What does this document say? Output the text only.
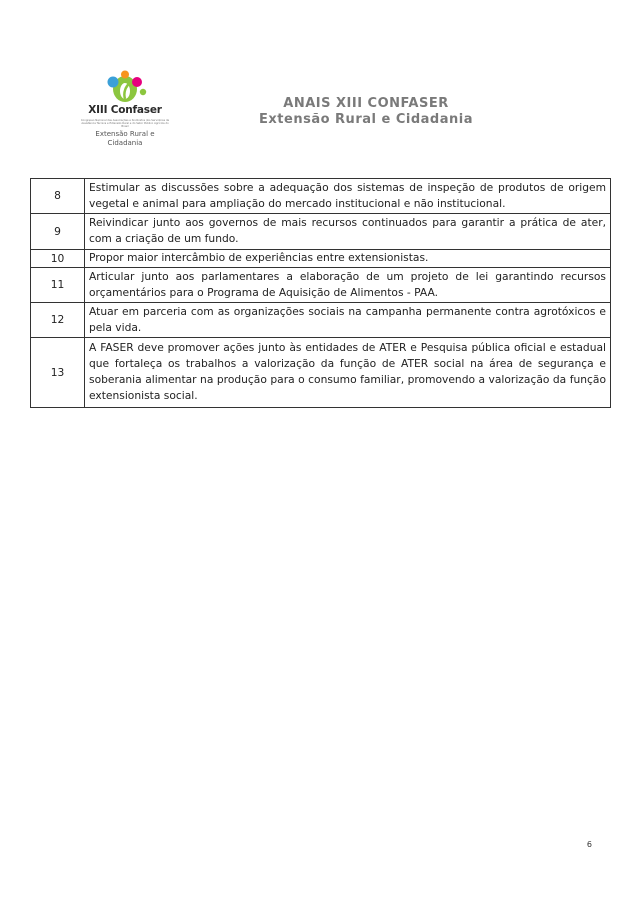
XIII Confaser
Congresso Nacional das Associações e Sindicatos dos Servidores de Assistência Técnica e Extensão Rural e do Setor Público Agrícola do Brasil
Extensão Rural e
Cidadania
ANAIS XIII CONFASER
Extensão Rural e Cidadania
8	Estimular as discussões sobre a adequação dos sistemas de inspeção de produtos de origem vegetal e animal para ampliação do mercado institucional e não institucional.
9	Reivindicar junto aos governos de mais recursos continuados para garantir a prática de ater, com a criação de um fundo.
10	Propor maior intercâmbio de experiências entre extensionistas.
11	Articular junto aos parlamentares a elaboração de um projeto de lei garantindo recursos orçamentários para o Programa de Aquisição de Alimentos - PAA.
12	Atuar em parceria com as organizações sociais na campanha permanente contra agrotóxicos e pela vida.
13	A FASER deve promover ações junto às entidades de ATER e Pesquisa pública oficial e estadual que fortaleça os trabalhos a valorização da função de ATER social na área de segurança e soberania alimentar na produção para o consumo familiar, promovendo a valorização da função extensionista social.
6
